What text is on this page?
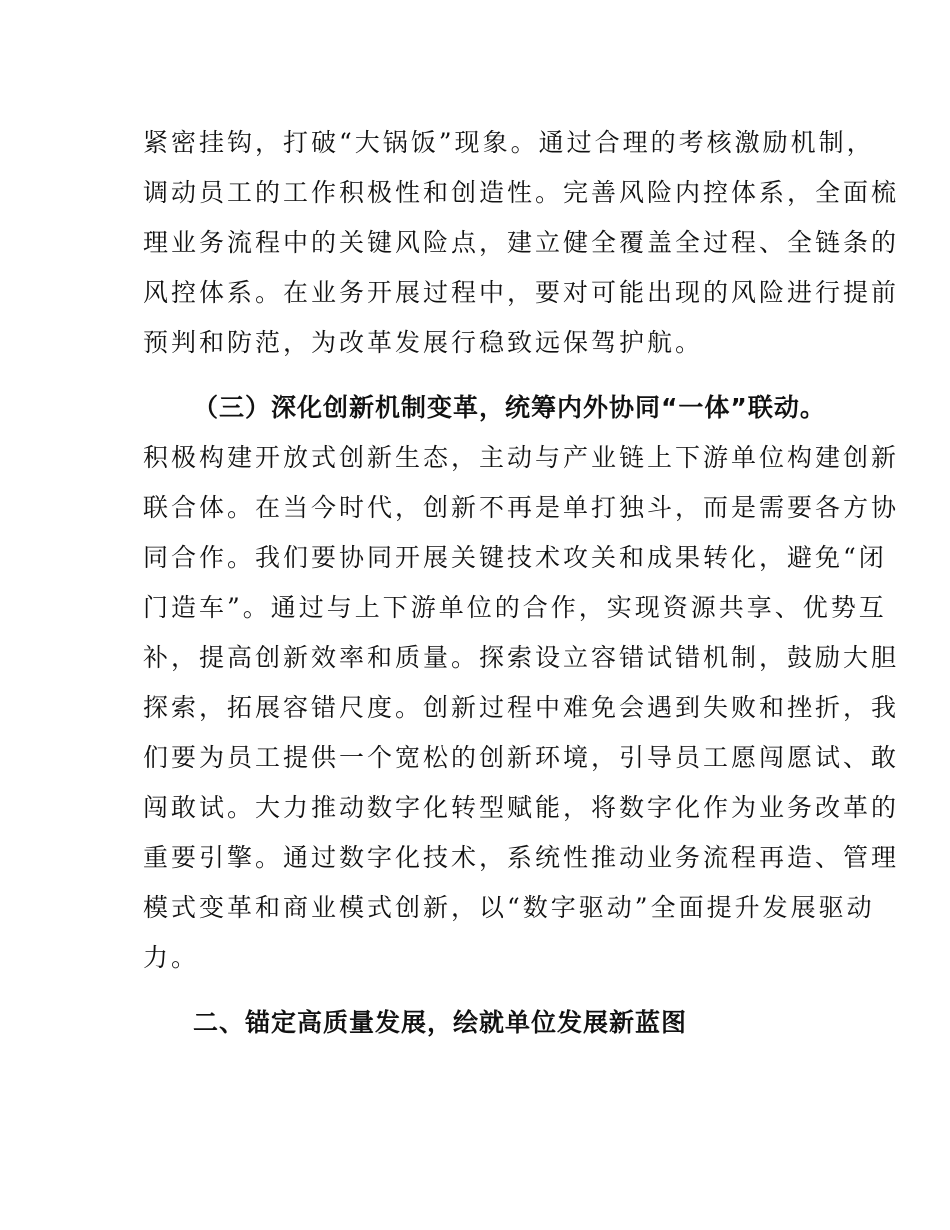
紧密挂钩，打破“大锅饭”现象。通过合理的考核激励机制，
调动员工的工作积极性和创造性。完善风险内控体系，全面梳
理业务流程中的关键风险点，建立健全覆盖全过程、全链条的
风控体系。在业务开展过程中，要对可能出现的风险进行提前
预判和防范，为改革发展行稳致远保驾护航。
（三）深化创新机制变革，统筹内外协同“一体”联动。
积极构建开放式创新生态，主动与产业链上下游单位构建创新
联合体。在当今时代，创新不再是单打独斗，而是需要各方协
同合作。我们要协同开展关键技术攻关和成果转化，避免“闭
门造车”。通过与上下游单位的合作，实现资源共享、优势互
补，提高创新效率和质量。探索设立容错试错机制，鼓励大胆
探索，拓展容错尺度。创新过程中难免会遇到失败和挫折，我
们要为员工提供一个宽松的创新环境，引导员工愿闯愿试、敢
闯敢试。大力推动数字化转型赋能，将数字化作为业务改革的
重要引擎。通过数字化技术，系统性推动业务流程再造、管理
模式变革和商业模式创新，以“数字驱动”全面提升发展驱动
力。
二、锚定高质量发展，绘就单位发展新蓝图
